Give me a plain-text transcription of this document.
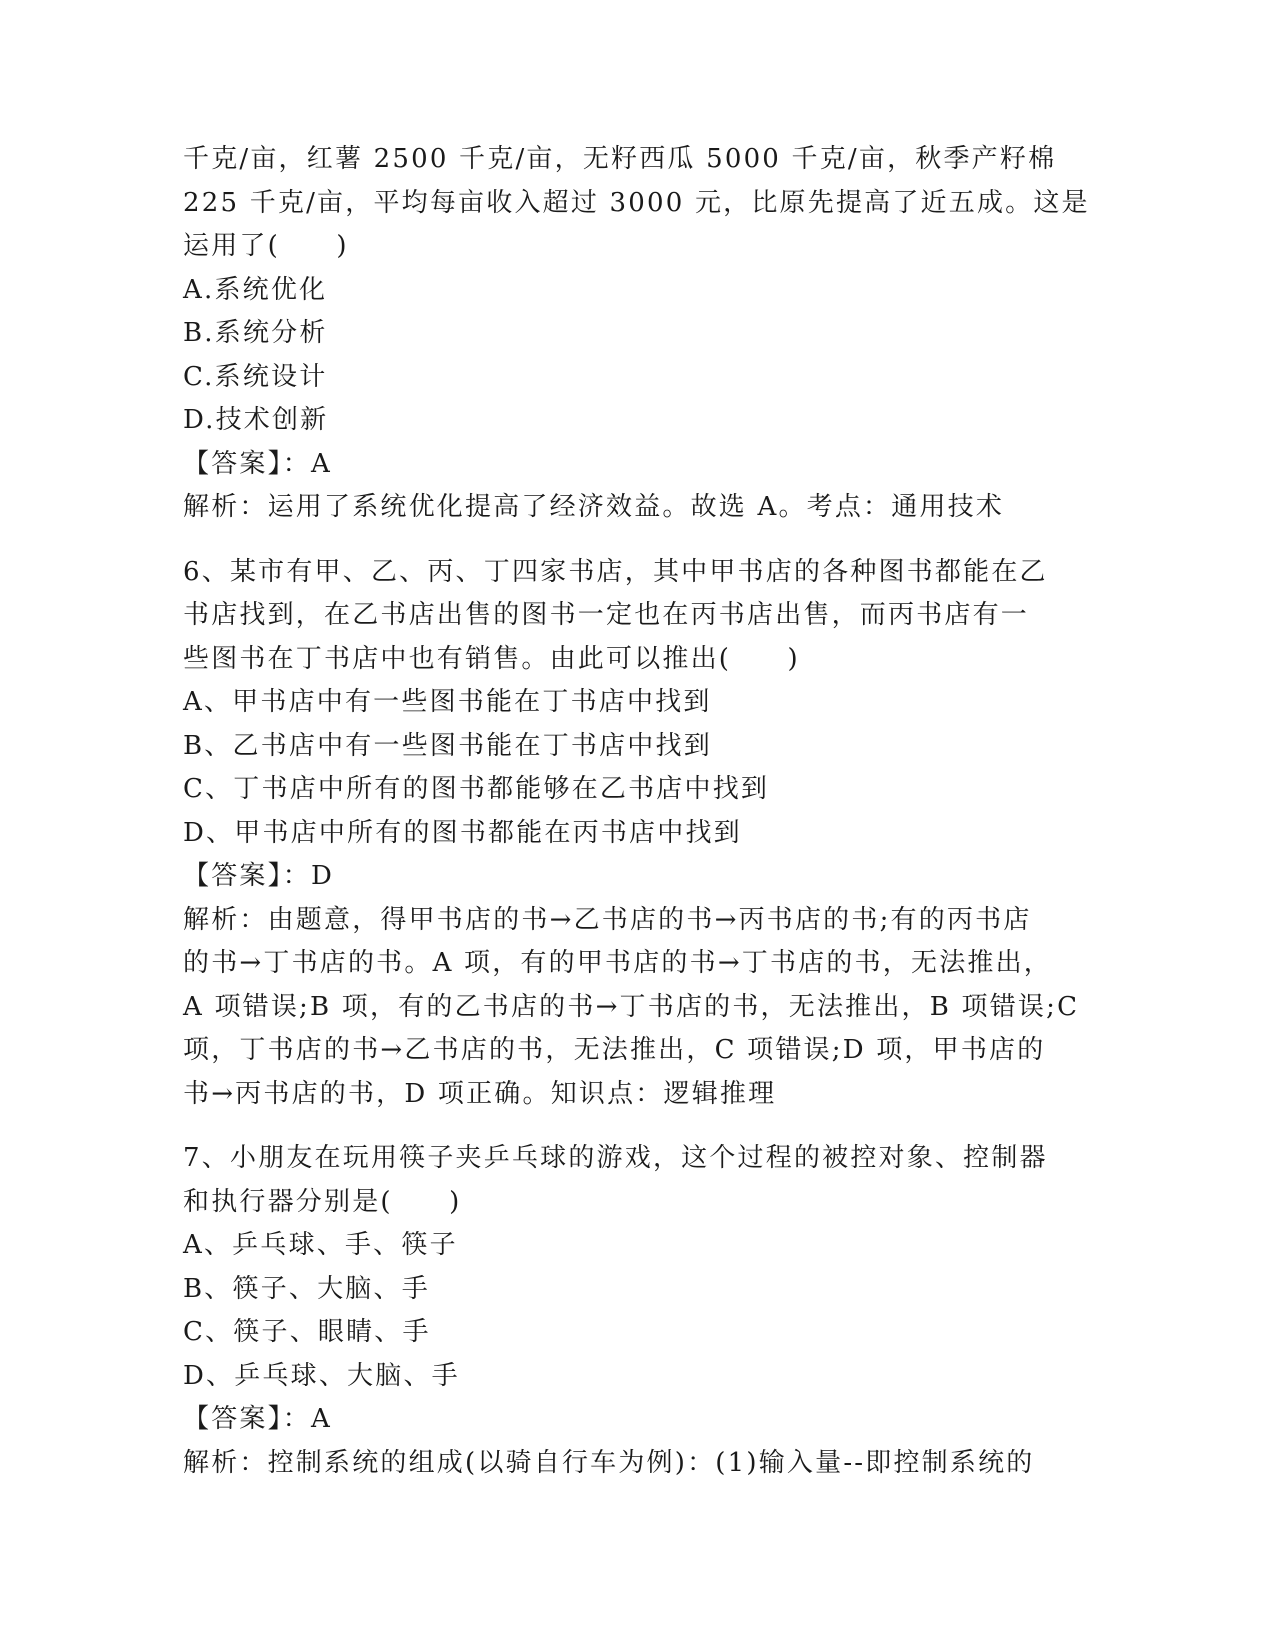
千克/亩，红薯 2500 千克/亩，无籽西瓜 5000 千克/亩，秋季产籽棉
225 千克/亩，平均每亩收入超过 3000 元，比原先提高了近五成。这是
运用了(　　)
A.系统优化
B.系统分析
C.系统设计
D.技术创新
【答案】：A
解析：运用了系统优化提高了经济效益。故选 A。考点：通用技术
6、某市有甲、乙、丙、丁四家书店，其中甲书店的各种图书都能在乙
书店找到，在乙书店出售的图书一定也在丙书店出售，而丙书店有一
些图书在丁书店中也有销售。由此可以推出(　　)
A、甲书店中有一些图书能在丁书店中找到
B、乙书店中有一些图书能在丁书店中找到
C、丁书店中所有的图书都能够在乙书店中找到
D、甲书店中所有的图书都能在丙书店中找到
【答案】：D
解析：由题意，得甲书店的书→乙书店的书→丙书店的书;有的丙书店
的书→丁书店的书。A 项，有的甲书店的书→丁书店的书，无法推出，
A 项错误;B 项，有的乙书店的书→丁书店的书，无法推出，B 项错误;C
项，丁书店的书→乙书店的书，无法推出，C 项错误;D 项，甲书店的
书→丙书店的书，D 项正确。知识点：逻辑推理
7、小朋友在玩用筷子夹乒乓球的游戏，这个过程的被控对象、控制器
和执行器分别是(　　)
A、乒乓球、手、筷子
B、筷子、大脑、手
C、筷子、眼睛、手
D、乒乓球、大脑、手
【答案】：A
解析：控制系统的组成(以骑自行车为例)：(1)输入量--即控制系统的
